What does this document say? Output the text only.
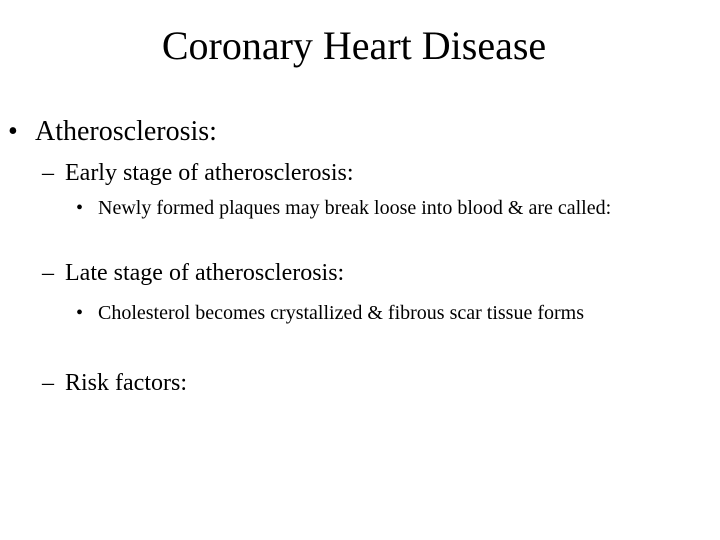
Coronary Heart Disease
• Atherosclerosis:
– Early stage of atherosclerosis:
• Newly formed plaques may break loose into blood & are called:
– Late stage of atherosclerosis:
• Cholesterol becomes crystallized & fibrous scar tissue forms
– Risk factors:
